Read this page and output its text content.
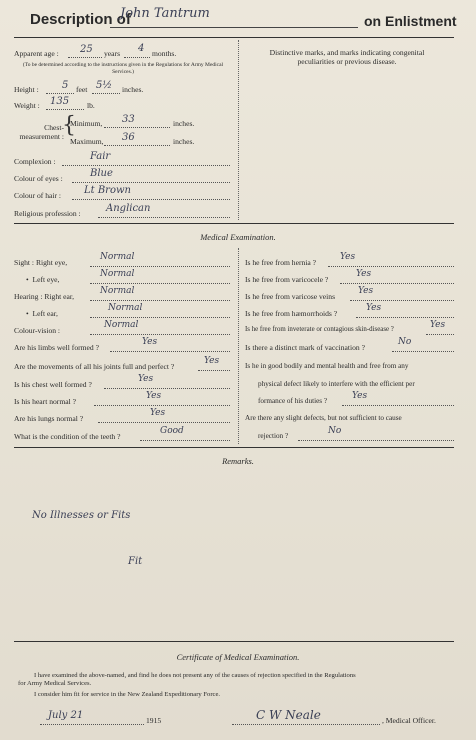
Description of
John Tantrum	on Enlistment
Apparent age : 25 years 4 months.
(To be determined according to the instructions given in the Regulations for Army Medical Services.)
Height : 5 feet 5½ inches.
Weight : 135 lb.
Chest-measurement :
{
Minimum, 33	inches.
Maximum, 36	inches.
Complexion :	Fair
Colour of eyes :	Blue
Colour of hair : Lt Brown
Religious profession :	Anglican
Distinctive marks, and marks indicating congenital peculiarities or previous disease.
Medical Examination.
Sight : Right eye,
Normal
•  Left eye,
Normal
Hearing : Right ear,
Normal
•  Left ear,
Normal
Colour-vision :
Normal
Are his limbs well formed ?
Yes
Are the movements of all his joints full and perfect ?
Yes
Is his chest well formed ?
Yes
Is his heart normal ?
Yes
Are his lungs normal ?
Yes
What is the condition of the teeth ?
Good
Is he free from hernia ?
Yes
Is he free from varicocele ?
Yes
Is he free from varicose veins
Yes
Is he free from hæmorrhoids ?
Yes
Is he free from inveterate or contagious skin-disease ?	Yes
Is there a distinct mark of vaccination ?
No
Is he in good bodily and mental health and free from any
physical defect likely to interfere with the efficient per
formance of his duties ?	Yes
Are there any slight defects, but not sufficient to cause
rejection ?	No
Remarks.
No Illnesses or Fits
Fit
Certificate of Medical Examination.
I have examined the above-named, and find he does not present any of the causes of rejection specified in the Regulations
for Army Medical Services.
I consider him fit for service in the New Zealand Expeditionary Force.
July 21	1915	C W Neale	, Medical Officer.
